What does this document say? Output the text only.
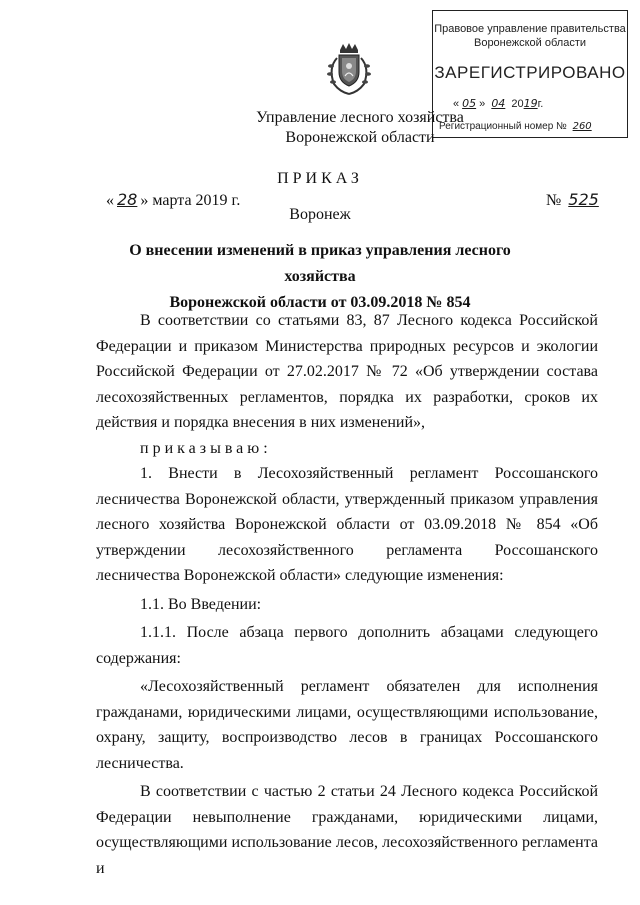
Правовое управление правительства
Воронежской области
ЗАРЕГИСТРИРОВАНО
« 05 » 04 2019г.
Регистрационный номер № 260
Управление лесного хозяйства
Воронежской области
ПРИКАЗ
« 28 » марта 2019 г.	№ 525
Воронеж
О внесении изменений в приказ управления лесного хозяйства
Воронежской области от 03.09.2018 № 854

В соответствии со статьями 83, 87 Лесного кодекса Российской Федерации и приказом Министерства природных ресурсов и экологии Российской Федерации от 27.02.2017 № 72 «Об утверждении состава лесохозяйственных регламентов, порядка их разработки, сроков их действия и порядка внесения в них изменений»,

приказываю:

1. Внести в Лесохозяйственный регламент Россошанского лесничества Воронежской области, утвержденный приказом управления лесного хозяйства Воронежской области от 03.09.2018 № 854 «Об утверждении лесохозяйственного регламента Россошанского лесничества Воронежской области» следующие изменения:

1.1. Во Введении:

1.1.1. После абзаца первого дополнить абзацами следующего содержания:

«Лесохозяйственный регламент обязателен для исполнения гражданами, юридическими лицами, осуществляющими использование, охрану, защиту, воспроизводство лесов в границах Россошанского лесничества.

В соответствии с частью 2 статьи 24 Лесного кодекса Российской Федерации невыполнение гражданами, юридическими лицами, осуществляющими использование лесов, лесохозяйственного регламента и
